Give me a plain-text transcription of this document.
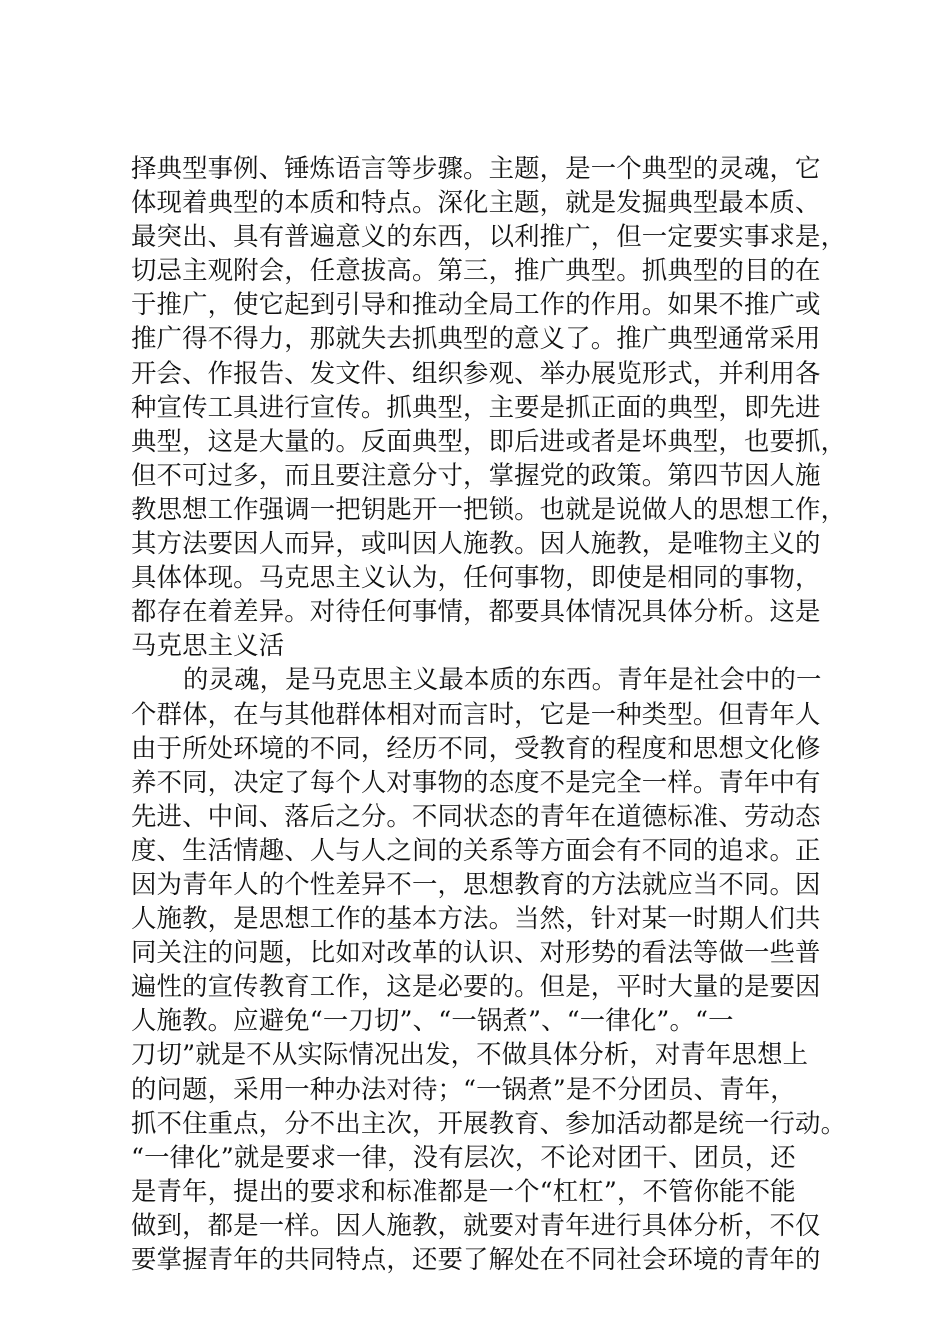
择典型事例、锤炼语言等步骤。主题，是一个典型的灵魂，它
体现着典型的本质和特点。深化主题，就是发掘典型最本质、
最突出、具有普遍意义的东西，以利推广，但一定要实事求是，
切忌主观附会，任意拔高。第三，推广典型。抓典型的目的在
于推广，使它起到引导和推动全局工作的作用。如果不推广或
推广得不得力，那就失去抓典型的意义了。推广典型通常采用
开会、作报告、发文件、组织参观、举办展览形式，并利用各
种宣传工具进行宣传。抓典型，主要是抓正面的典型，即先进
典型，这是大量的。反面典型，即后进或者是坏典型，也要抓，
但不可过多，而且要注意分寸，掌握党的政策。第四节因人施
教思想工作强调一把钥匙开一把锁。也就是说做人的思想工作，
其方法要因人而异，或叫因人施教。因人施教，是唯物主义的
具体体现。马克思主义认为，任何事物，即使是相同的事物，
都存在着差异。对待任何事情，都要具体情况具体分析。这是
马克思主义活
的灵魂，是马克思主义最本质的东西。青年是社会中的一
个群体，在与其他群体相对而言时，它是一种类型。但青年人
由于所处环境的不同，经历不同，受教育的程度和思想文化修
养不同，决定了每个人对事物的态度不是完全一样。青年中有
先进、中间、落后之分。不同状态的青年在道德标准、劳动态
度、生活情趣、人与人之间的关系等方面会有不同的追求。正
因为青年人的个性差异不一，思想教育的方法就应当不同。因
人施教，是思想工作的基本方法。当然，针对某一时期人们共
同关注的问题，比如对改革的认识、对形势的看法等做一些普
遍性的宣传教育工作，这是必要的。但是，平时大量的是要因
人施教。应避免“一刀切”、“一锅煮”、“一律化”。“一
刀切”就是不从实际情况出发，不做具体分析，对青年思想上
的问题，采用一种办法对待；“一锅煮”是不分团员、青年，
抓不住重点，分不出主次，开展教育、参加活动都是统一行动。
“一律化”就是要求一律，没有层次，不论对团干、团员，还
是青年，提出的要求和标准都是一个“杠杠”，不管你能不能
做到，都是一样。因人施教，就要对青年进行具体分析，不仅
要掌握青年的共同特点，还要了解处在不同社会环境的青年的
